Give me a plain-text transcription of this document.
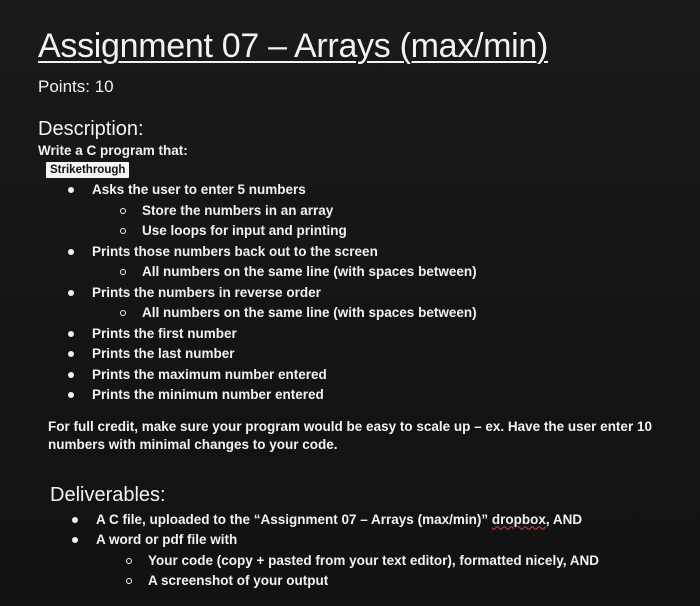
Assignment 07 – Arrays (max/min)
Points: 10
Description:
Write a C program that:
Strikethrough
Asks the user to enter 5 numbers
Store the numbers in an array
Use loops for input and printing
Prints those numbers back out to the screen
All numbers on the same line (with spaces between)
Prints the numbers in reverse order
All numbers on the same line (with spaces between)
Prints the first number
Prints the last number
Prints the maximum number entered
Prints the minimum number entered
For full credit, make sure your program would be easy to scale up – ex. Have the user enter 10 numbers with minimal changes to your code.
Deliverables:
A C file, uploaded to the “Assignment 07 – Arrays (max/min)” dropbox, AND
A word or pdf file with
Your code (copy + pasted from your text editor), formatted nicely, AND
A screenshot of your output
